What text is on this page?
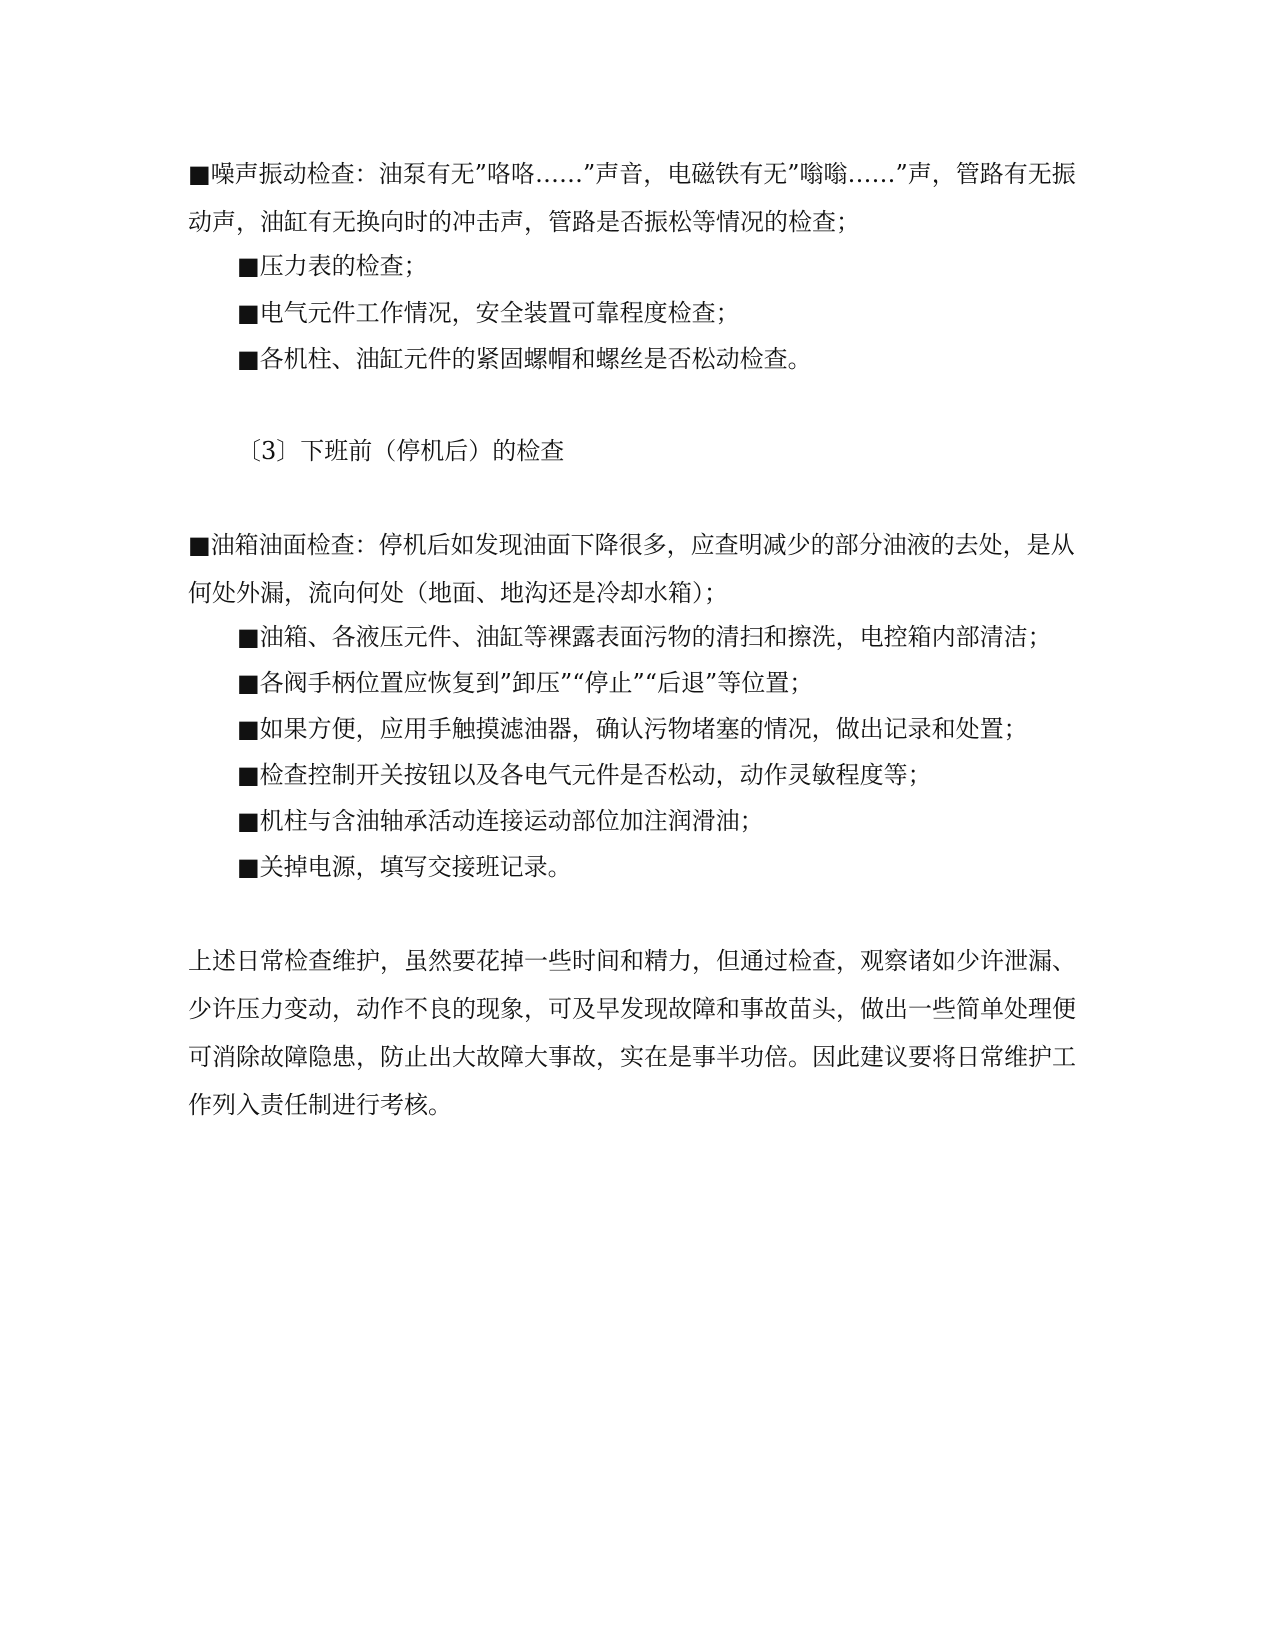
■噪声振动检查：油泵有无”咯咯……”声音，电磁铁有无”嗡嗡……”声，管路有无振动声，油缸有无换向时的冲击声，管路是否振松等情况的检查；

■压力表的检查；

■电气元件工作情况，安全装置可靠程度检查；

■各机柱、油缸元件的紧固螺帽和螺丝是否松动检查。

〔3〕下班前（停机后）的检查

■油箱油面检查：停机后如发现油面下降很多，应查明减少的部分油液的去处，是从何处外漏，流向何处（地面、地沟还是冷却水箱）；

■油箱、各液压元件、油缸等裸露表面污物的清扫和擦洗，电控箱内部清洁；

■各阀手柄位置应恢复到”卸压”“停止”“后退”等位置；

■如果方便，应用手触摸滤油器，确认污物堵塞的情况，做出记录和处置；

■检查控制开关按钮以及各电气元件是否松动，动作灵敏程度等；

■机柱与含油轴承活动连接运动部位加注润滑油；

■关掉电源，填写交接班记录。

上述日常检查维护，虽然要花掉一些时间和精力，但通过检查，观察诸如少许泄漏、少许压力变动，动作不良的现象，可及早发现故障和事故苗头，做出一些简单处理便可消除故障隐患，防止出大故障大事故，实在是事半功倍。因此建议要将日常维护工作列入责任制进行考核。
